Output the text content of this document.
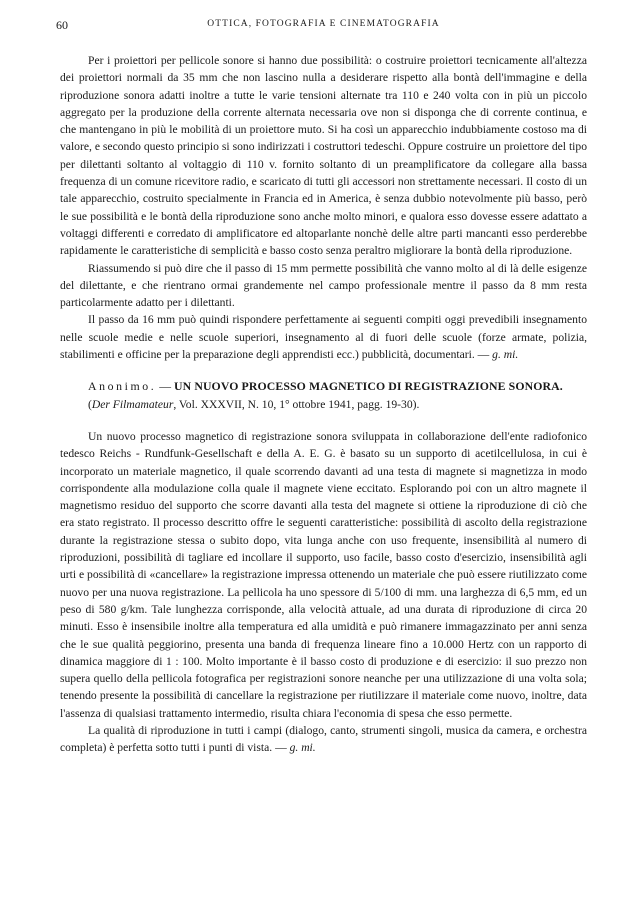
60	OTTICA, FOTOGRAFIA E CINEMATOGRAFIA

Per i proiettori per pellicole sonore si hanno due possibilità: o costruire proiettori tecnicamente all'altezza dei proiettori normali da 35 mm che non lascino nulla a desiderare rispetto alla bontà dell'immagine e della riproduzione sonora adatti inoltre a tutte le varie tensioni alternate tra 110 e 240 volta con in più un piccolo aggregato per la produzione della corrente alternata necessaria ove non si disponga che di corrente continua, e che mantengano in più le mobilità di un proiettore muto. Si ha così un apparecchio indubbiamente costoso ma di valore, e secondo questo principio si sono indirizzati i costruttori tedeschi. Oppure costruire un proiettore del tipo per dilettanti soltanto al voltaggio di 110 v. fornito soltanto di un preamplificatore da collegare alla bassa frequenza di un comune ricevitore radio, e scaricato di tutti gli accessori non strettamente necessari. Il costo di un tale apparecchio, costruito specialmente in Francia ed in America, è senza dubbio notevolmente più basso, però le sue possibilità e le bontà della riproduzione sono anche molto minori, e qualora esso dovesse essere adattato a voltaggi differenti e corredato di amplificatore ed altoparlante nonchè delle altre parti mancanti esso perderebbe rapidamente le caratteristiche di semplicità e basso costo senza peraltro migliorare la bontà della riproduzione.

Riassumendo si può dire che il passo di 15 mm permette possibilità che vanno molto al di là delle esigenze del dilettante, e che rientrano ormai grandemente nel campo professionale mentre il passo da 8 mm resta particolarmente adatto per i dilettanti.

Il passo da 16 mm può quindi rispondere perfettamente ai seguenti compiti oggi prevedibili insegnamento nelle scuole medie e nelle scuole superiori, insegnamento al di fuori delle scuole (forze armate, polizia, stabilimenti e officine per la preparazione degli apprendisti ecc.) pubblicità, documentari. — g. mi.

Anonimo. — UN NUOVO PROCESSO MAGNETICO DI REGISTRAZIONE SONORA.

(Der Filmamateur, Vol. XXXVII, N. 10, 1° ottobre 1941, pagg. 19-30).

Un nuovo processo magnetico di registrazione sonora sviluppata in collaborazione dell'ente radiofonico tedesco Reichs - Rundfunk-Gesellschaft e della A. E. G. è basato su un supporto di acetilcellulosa, in cui è incorporato un materiale magnetico, il quale scorrendo davanti ad una testa di magnete si magnetizza in modo corrispondente alla modulazione colla quale il magnete viene eccitato. Esplorando poi con un altro magnete il magnetismo residuo del supporto che scorre davanti alla testa del magnete si ottiene la riproduzione di ciò che era stato registrato. Il processo descritto offre le seguenti caratteristiche: possibilità di ascolto della registrazione durante la registrazione stessa o subito dopo, vita lunga anche con uso frequente, insensibilità al numero di riproduzioni, possibilità di tagliare ed incollare il supporto, uso facile, basso costo d'esercizio, insensibilità agli urti e possibilità di «cancellare» la registrazione impressa ottenendo un materiale che può essere riutilizzato come nuovo per una nuova registrazione. La pellicola ha uno spessore di 5/100 di mm. una larghezza di 6,5 mm, ed un peso di 580 g/km. Tale lunghezza corrisponde, alla velocità attuale, ad una durata di riproduzione di circa 20 minuti. Esso è insensibile inoltre alla temperatura ed alla umidità e può rimanere immagazzinato per anni senza che le sue qualità peggiorino, presenta una banda di frequenza lineare fino a 10.000 Hertz con un rapporto di dinamica maggiore di 1 : 100. Molto importante è il basso costo di produzione e di esercizio: il suo prezzo non supera quello della pellicola fotografica per registrazioni sonore neanche per una utilizzazione di una volta sola; tenendo presente la possibilità di cancellare la registrazione per riutilizzare il materiale come nuovo, inoltre, data l'assenza di qualsiasi trattamento intermedio, risulta chiara l'economia di spesa che esso permette.

La qualità di riproduzione in tutti i campi (dialogo, canto, strumenti singoli, musica da camera, e orchestra completa) è perfetta sotto tutti i punti di vista. — g. mi.
